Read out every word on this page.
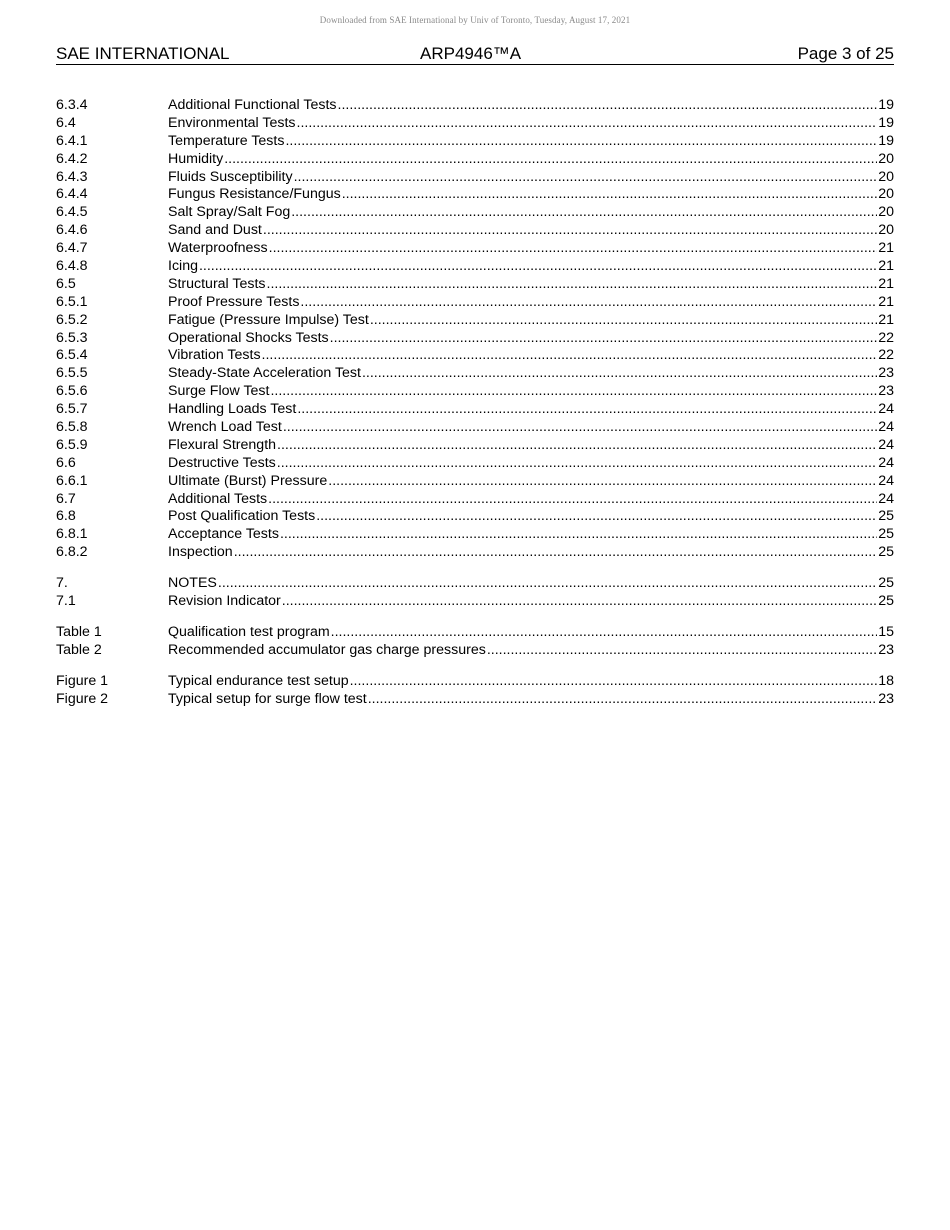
Downloaded from SAE International by Univ of Toronto, Tuesday, August 17, 2021
SAE INTERNATIONAL	ARP4946™A	Page 3 of 25
6.3.4	Additional Functional Tests .....	19
6.4	Environmental Tests .....	19
6.4.1	Temperature Tests .....	19
6.4.2	Humidity .....	20
6.4.3	Fluids Susceptibility .....	20
6.4.4	Fungus Resistance/Fungus .....	20
6.4.5	Salt Spray/Salt Fog .....	20
6.4.6	Sand and Dust .....	20
6.4.7	Waterproofness .....	21
6.4.8	Icing .....	21
6.5	Structural Tests .....	21
6.5.1	Proof Pressure Tests .....	21
6.5.2	Fatigue (Pressure Impulse) Test .....	21
6.5.3	Operational Shocks Tests .....	22
6.5.4	Vibration Tests .....	22
6.5.5	Steady-State Acceleration Test .....	23
6.5.6	Surge Flow Test .....	23
6.5.7	Handling Loads Test .....	24
6.5.8	Wrench Load Test .....	24
6.5.9	Flexural Strength .....	24
6.6	Destructive Tests .....	24
6.6.1	Ultimate (Burst) Pressure .....	24
6.7	Additional Tests .....	24
6.8	Post Qualification Tests .....	25
6.8.1	Acceptance Tests .....	25
6.8.2	Inspection .....	25
7.	NOTES .....	25
7.1	Revision Indicator .....	25
Table 1	Qualification test program .....	15
Table 2	Recommended accumulator gas charge pressures .....	23
Figure 1	Typical endurance test setup .....	18
Figure 2	Typical setup for surge flow test .....	23
